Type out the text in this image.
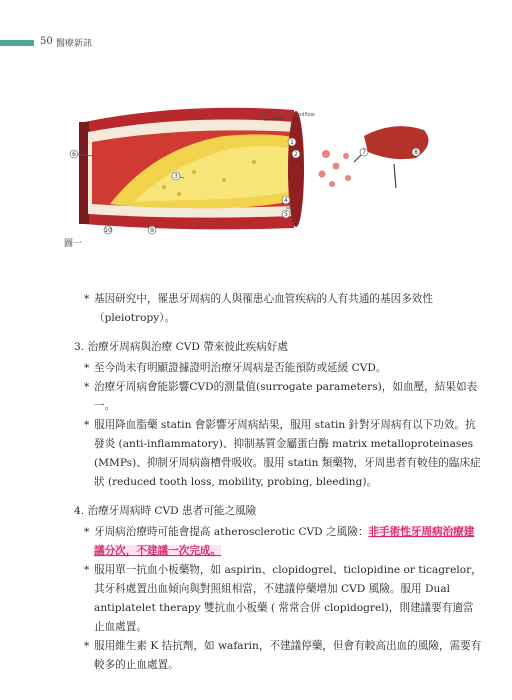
50 醫療新訊
1
2
3
4
5
6	7	8
9
10
Direction of bloodflow
圖一

* 基因研究中，罹患牙周病的人與罹患心血管疾病的人有共通的基因多效性（pleiotropy）。

3. 治療牙周病與治療 CVD 帶來彼此疾病好處

* 至今尚未有明顯證據證明治療牙周病是否能預防或延緩 CVD。

* 治療牙周病會能影響CVD的測量值(surrogate parameters)，如血壓，結果如表一。

* 服用降血脂藥 statin 會影響牙周病結果，服用 statin 針對牙周病有以下功效。抗發炎 (anti-inflammatory)、抑制基質金屬蛋白酶 matrix metalloproteinases (MMPs)、抑制牙周病齒槽骨吸收。服用 statin 類藥物，牙周患者有較佳的臨床症狀 (reduced tooth loss, mobility, probing, bleeding)。

4. 治療牙周病時 CVD 患者可能之風險

* 牙周病治療時可能會提高 atherosclerotic CVD 之風險：非手術性牙周病治療建議分次，不建議一次完成。

* 服用單一抗血小板藥物，如 aspirin、clopidogrel、ticlopidine or ticagrelor，其牙科處置出血傾向與對照組相當，不建議停藥增加 CVD 風險。服用 Dual antiplatelet therapy 雙抗血小板藥 ( 常常合併 clopidogrel)，則建議要有適當止血處置。

* 服用維生素 K 拮抗劑，如 wafarin，不建議停藥，但會有較高出血的風險，需要有較多的止血處置。
